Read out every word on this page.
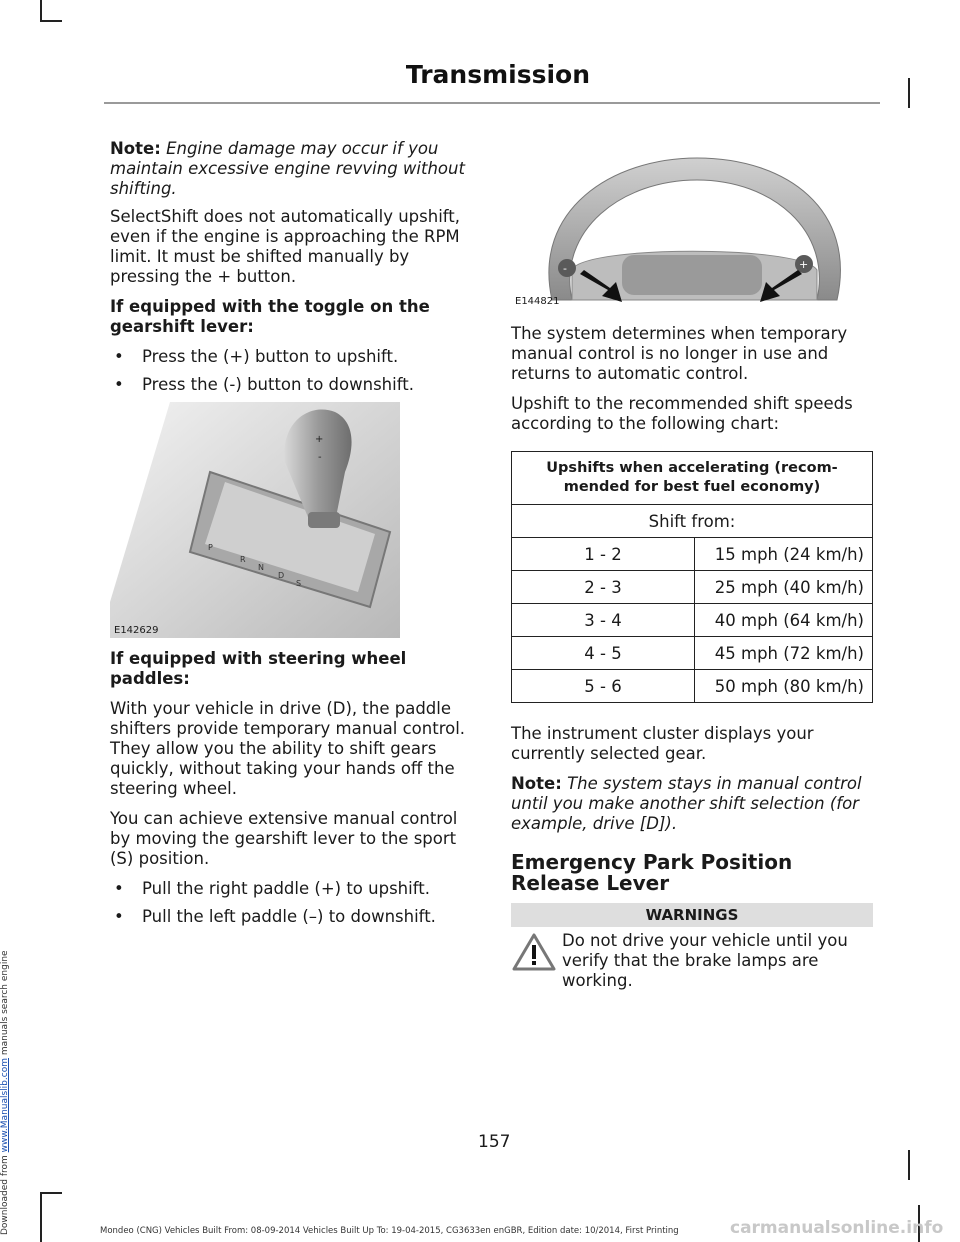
Transmission

Note: Engine damage may occur if you maintain excessive engine revving without shifting.

SelectShift does not automatically upshift, even if the engine is approaching the RPM limit. It must be shifted manually by pressing the + button.

If equipped with the toggle on the gearshift lever:

• Press the (+) button to upshift.
• Press the (-) button to downshift.
+
-
P
R
N
D
S
E142629

If equipped with steering wheel paddles:

With your vehicle in drive (D), the paddle shifters provide temporary manual control. They allow you the ability to shift gears quickly, without taking your hands off the steering wheel.

You can achieve extensive manual control by moving the gearshift lever to the sport (S) position.

• Pull the right paddle (+) to upshift.
• Pull the left paddle (–) to downshift.
-	+
E144821

The system determines when temporary manual control is no longer in use and returns to automatic control.

Upshift to the recommended shift speeds according to the following chart:

Upshifts when accelerating (recom-mended for best fuel economy)	
Shift from:	
1 - 2	15 mph (24 km/h)
2 - 3	25 mph (40 km/h)
3 - 4	40 mph (64 km/h)
4 - 5	45 mph (72 km/h)
5 - 6	50 mph (80 km/h)

The instrument cluster displays your currently selected gear.

Note: The system stays in manual control until you make another shift selection (for example, drive [D]).

Emergency Park Position Release Lever

WARNINGS
Do not drive your vehicle until you verify that the brake lamps are working.
157
Mondeo (CNG) Vehicles Built From: 08-09-2014 Vehicles Built Up To: 19-04-2015, CG3633en enGBR, Edition date: 10/2014, First Printing
Downloaded from www.Manualslib.com manuals search engine
carmanualsonline.info
